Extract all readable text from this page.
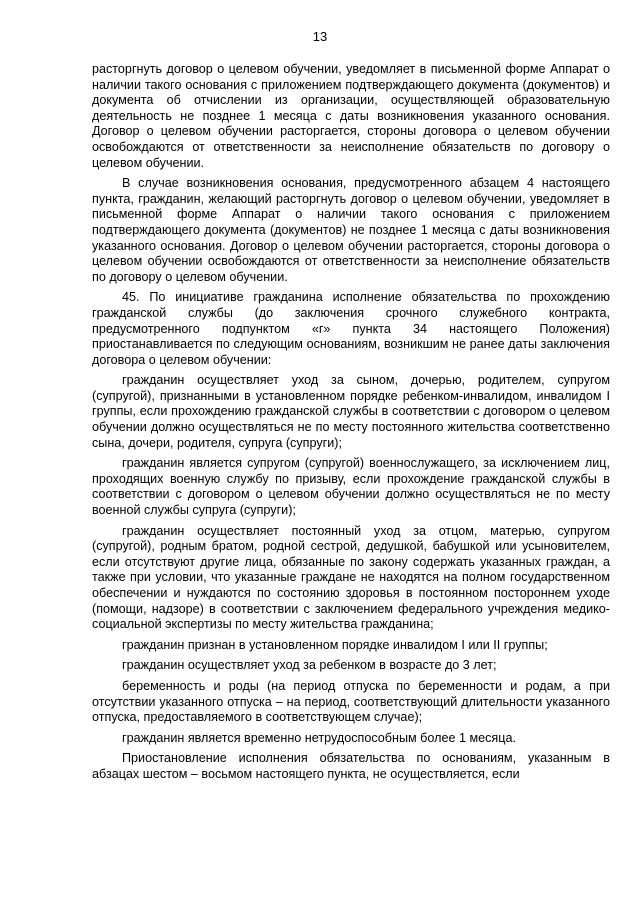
13

расторгнуть договор о целевом обучении, уведомляет в письменной форме Аппарат о наличии такого основания с приложением подтверждающего документа (документов) и документа об отчислении из организации, осуществляющей образовательную деятельность не позднее 1 месяца с даты возникновения указанного основания. Договор о целевом обучении расторгается, стороны договора о целевом обучении освобождаются от ответственности за неисполнение обязательств по договору о целевом обучении.

В случае возникновения основания, предусмотренного абзацем 4 настоящего пункта, гражданин, желающий расторгнуть договор о целевом обучении, уведомляет в письменной форме Аппарат о наличии такого основания с приложением подтверждающего документа (документов) не позднее 1 месяца с даты возникновения указанного основания. Договор о целевом обучении расторгается, стороны договора о целевом обучении освобождаются от ответственности за неисполнение обязательств по договору о целевом обучении.

45. По инициативе гражданина исполнение обязательства по прохождению гражданской службы (до заключения срочного служебного контракта, предусмотренного подпунктом «г» пункта 34 настоящего Положения) приостанавливается по следующим основаниям, возникшим не ранее даты заключения договора о целевом обучении:

гражданин осуществляет уход за сыном, дочерью, родителем, супругом (супругой), признанными в установленном порядке ребенком-инвалидом, инвалидом I группы, если прохождению гражданской службы в соответствии с договором о целевом обучении должно осуществляться не по месту постоянного жительства соответственно сына, дочери, родителя, супруга (супруги);

гражданин является супругом (супругой) военнослужащего, за исключением лиц, проходящих военную службу по призыву, если прохождение гражданской службы в соответствии с договором о целевом обучении должно осуществляться не по месту военной службы супруга (супруги);

гражданин осуществляет постоянный уход за отцом, матерью, супругом (супругой), родным братом, родной сестрой, дедушкой, бабушкой или усыновителем, если отсутствуют другие лица, обязанные по закону содержать указанных граждан, а также при условии, что указанные граждане не находятся на полном государственном обеспечении и нуждаются по состоянию здоровья в постоянном постороннем уходе (помощи, надзоре) в соответствии с заключением федерального учреждения медико-социальной экспертизы по месту жительства гражданина;

гражданин признан в установленном порядке инвалидом I или II группы;

гражданин осуществляет уход за ребенком в возрасте до 3 лет;

беременность и роды (на период отпуска по беременности и родам, а при отсутствии указанного отпуска – на период, соответствующий длительности указанного отпуска, предоставляемого в соответствующем случае);

гражданин является временно нетрудоспособным более 1 месяца.

Приостановление исполнения обязательства по основаниям, указанным в абзацах шестом – восьмом настоящего пункта, не осуществляется, если
